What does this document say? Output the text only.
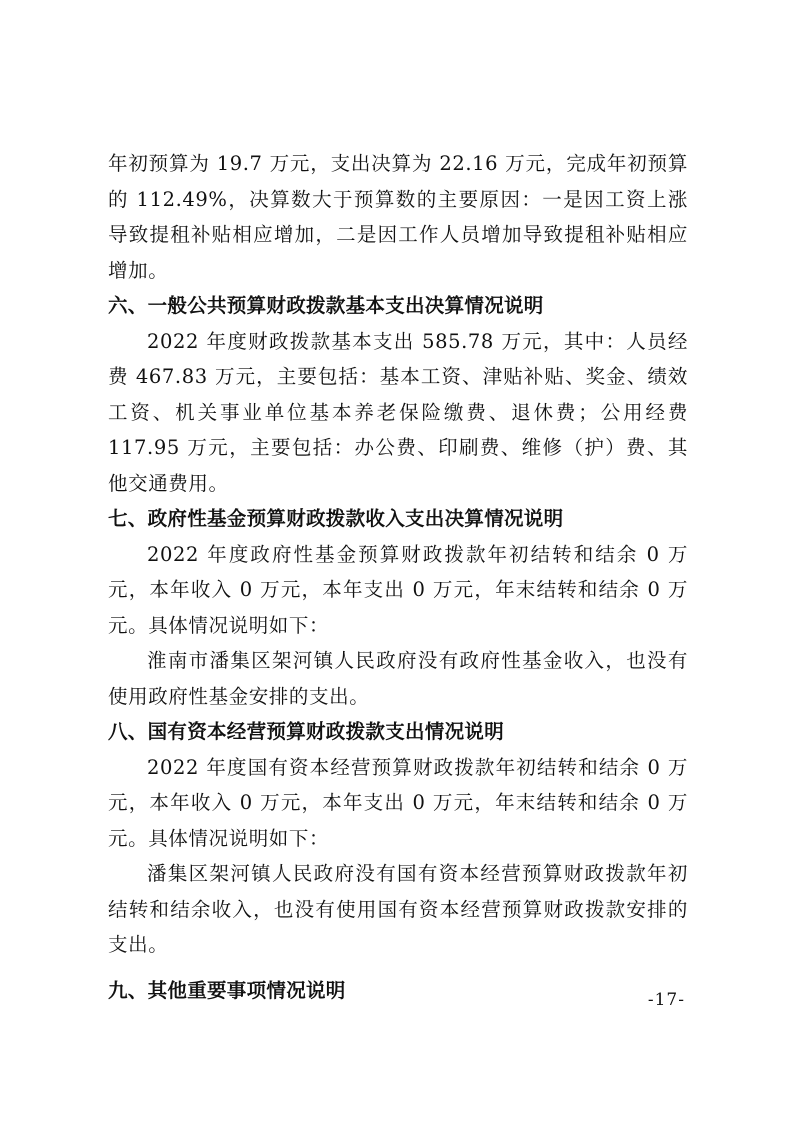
年初预算为 19.7 万元，支出决算为 22.16 万元，完成年初预算的 112.49%，决算数大于预算数的主要原因：一是因工资上涨导致提租补贴相应增加，二是因工作人员增加导致提租补贴相应增加。

六、一般公共预算财政拨款基本支出决算情况说明

2022 年度财政拨款基本支出 585.78 万元，其中：人员经费 467.83 万元，主要包括：基本工资、津贴补贴、奖金、绩效工资、机关事业单位基本养老保险缴费、退休费；公用经费 117.95 万元，主要包括：办公费、印刷费、维修（护）费、其他交通费用。

七、政府性基金预算财政拨款收入支出决算情况说明

2022 年度政府性基金预算财政拨款年初结转和结余 0 万元，本年收入 0 万元，本年支出 0 万元，年末结转和结余 0 万元。具体情况说明如下：

淮南市潘集区架河镇人民政府没有政府性基金收入，也没有使用政府性基金安排的支出。

八、国有资本经营预算财政拨款支出情况说明

2022 年度国有资本经营预算财政拨款年初结转和结余 0 万元，本年收入 0 万元，本年支出 0 万元，年末结转和结余 0 万元。具体情况说明如下：

潘集区架河镇人民政府没有国有资本经营预算财政拨款年初结转和结余收入，也没有使用国有资本经营预算财政拨款安排的支出。

九、其他重要事项情况说明	-17-
